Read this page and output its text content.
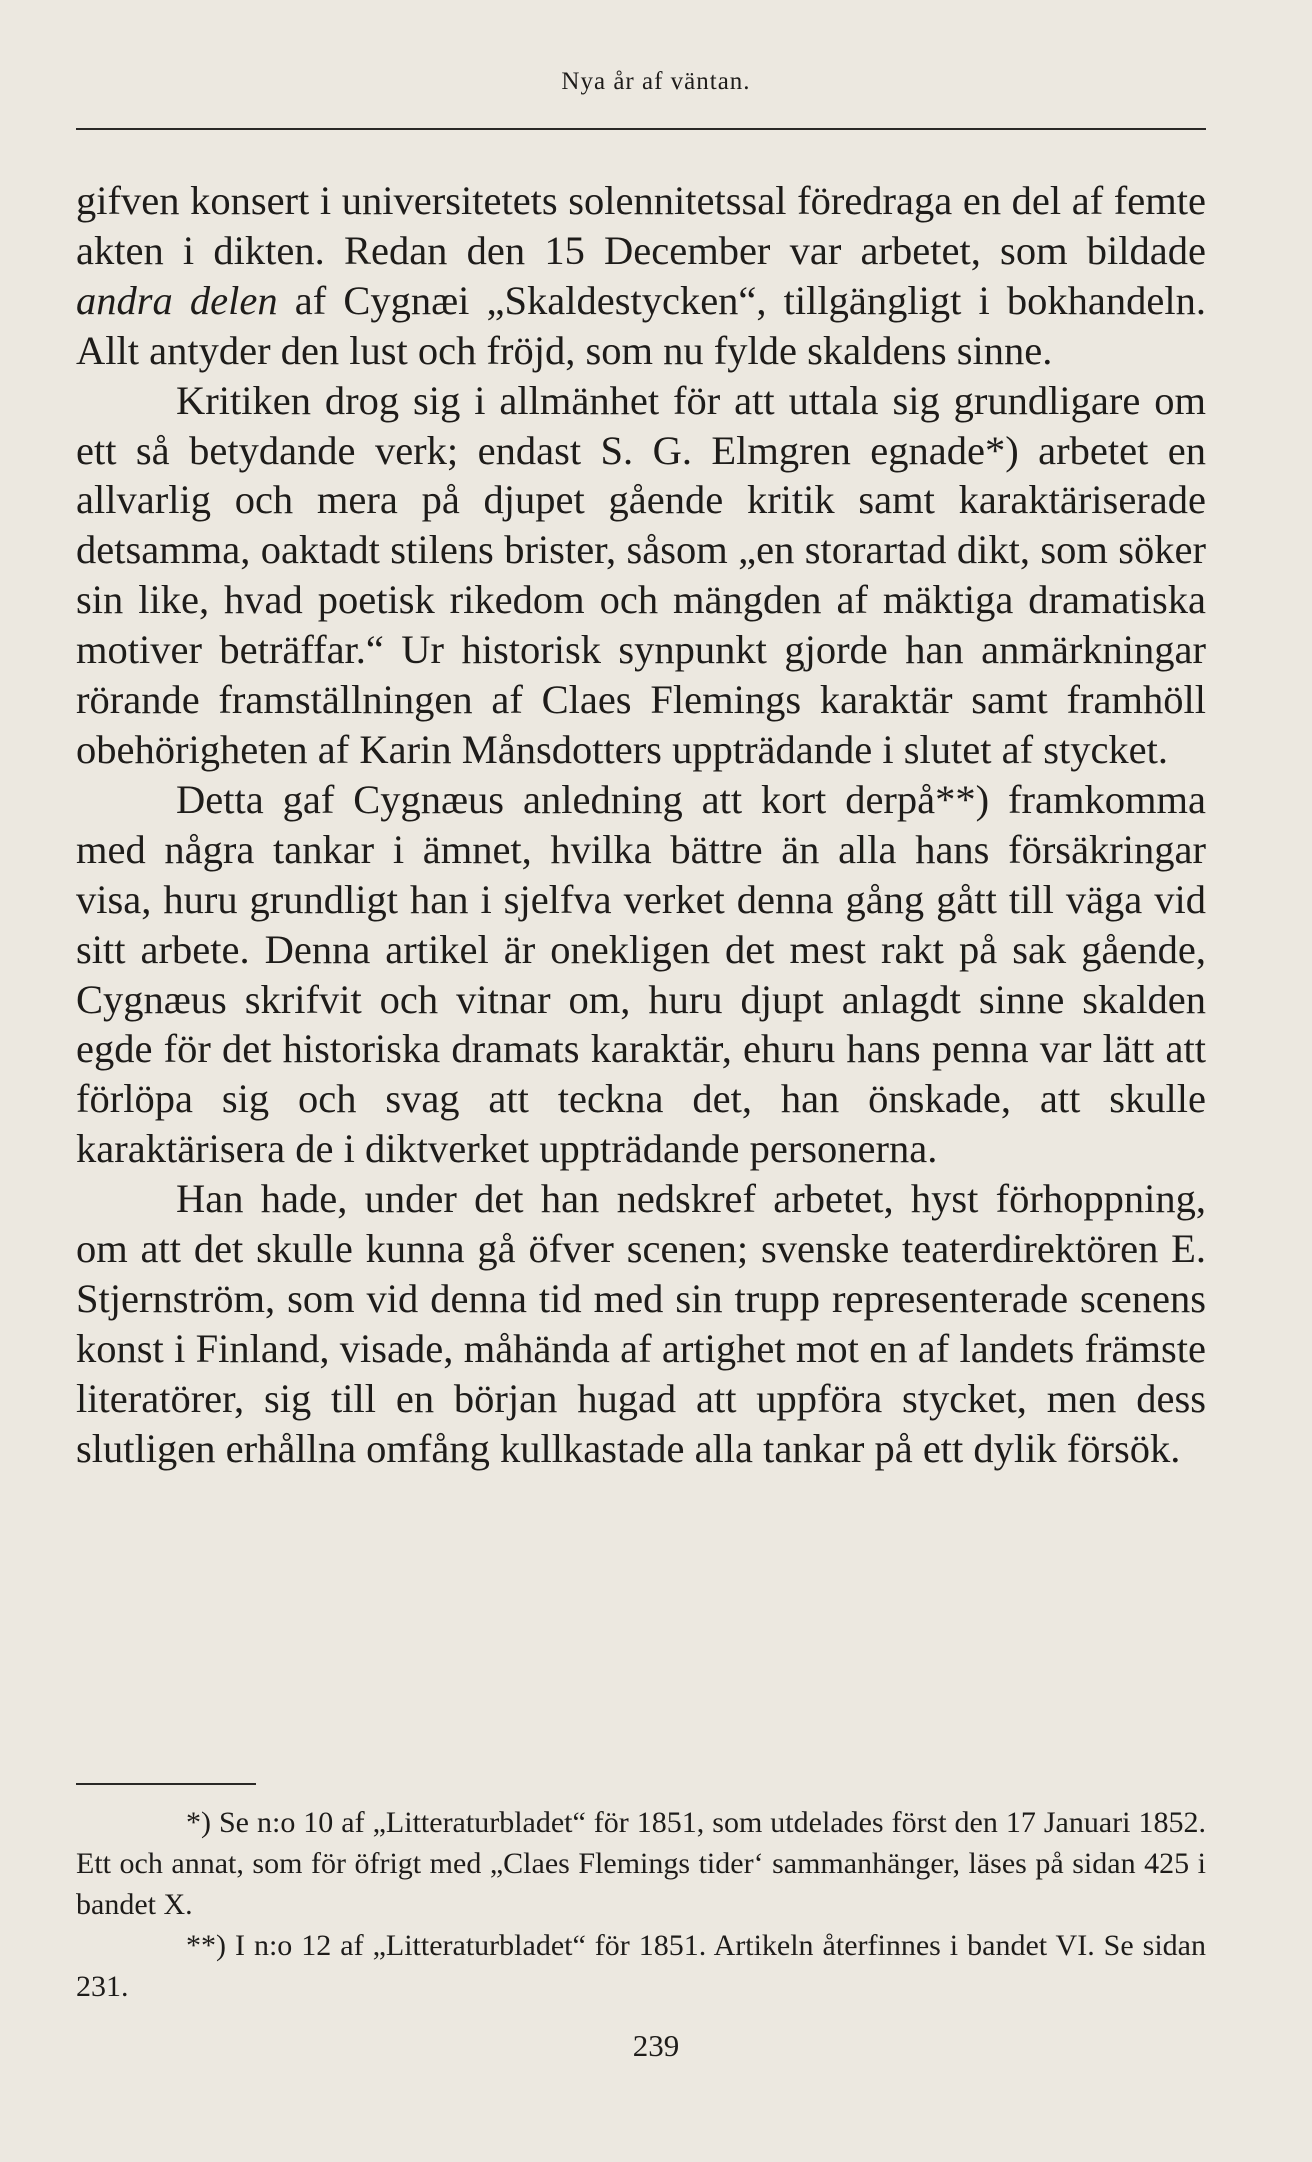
Nya år af väntan.

gifven konsert i universitetets solennitetssal föredraga en del af femte akten i dikten. Redan den 15 December var arbetet, som bildade andra delen af Cygnæi „Skaldestycken“, tillgängligt i bokhandeln. Allt antyder den lust och fröjd, som nu fylde skaldens sinne.

Kritiken drog sig i allmänhet för att uttala sig grundligare om ett så betydande verk; endast S. G. Elmgren egnade*) arbetet en allvarlig och mera på djupet gående kritik samt karaktäriserade detsamma, oaktadt stilens brister, såsom „en storartad dikt, som söker sin like, hvad poetisk rikedom och mängden af mäktiga dramatiska motiver beträffar.“ Ur historisk synpunkt gjorde han anmärkningar rörande framställningen af Claes Flemings karaktär samt framhöll obehörigheten af Karin Månsdotters uppträdande i slutet af stycket.

Detta gaf Cygnæus anledning att kort derpå**) framkomma med några tankar i ämnet, hvilka bättre än alla hans försäkringar visa, huru grundligt han i sjelfva verket denna gång gått till väga vid sitt arbete. Denna artikel är onekligen det mest rakt på sak gående, Cygnæus skrifvit och vitnar om, huru djupt anlagdt sinne skalden egde för det historiska dramats karaktär, ehuru hans penna var lätt att förlöpa sig och svag att teckna det, han önskade, att skulle karaktärisera de i diktverket uppträdande personerna.

Han hade, under det han nedskref arbetet, hyst förhoppning, om att det skulle kunna gå öfver scenen; svenske teaterdirektören E. Stjernström, som vid denna tid med sin trupp representerade scenens konst i Finland, visade, måhända af artighet mot en af landets främste literatörer, sig till en början hugad att uppföra stycket, men dess slutligen erhållna omfång kullkastade alla tankar på ett dylik försök.

*) Se n:o 10 af „Litteraturbladet“ för 1851, som utdelades först den 17 Januari 1852. Ett och annat, som för öfrigt med „Claes Flemings tider‘ sammanhänger, läses på sidan 425 i bandet X.

**) I n:o 12 af „Litteraturbladet“ för 1851. Artikeln återfinnes i bandet VI. Se sidan 231.

239
